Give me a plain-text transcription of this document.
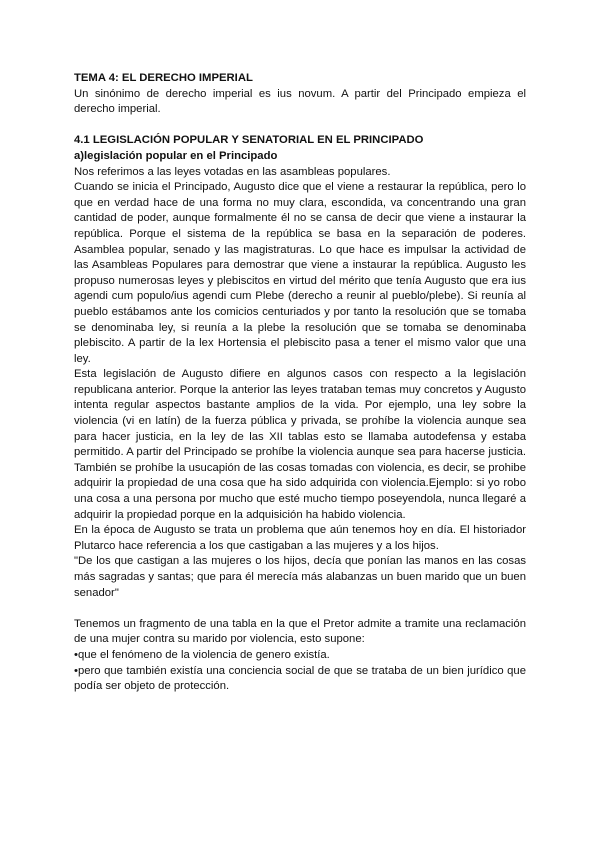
TEMA 4: EL DERECHO IMPERIAL

Un sinónimo de derecho imperial es ius novum. A partir del Principado empieza el derecho imperial.

4.1 LEGISLACIÓN POPULAR Y SENATORIAL EN EL PRINCIPADO
a)legislación popular en el Principado

Nos referimos a las leyes votadas en las asambleas populares.

Cuando se inicia el Principado, Augusto dice que el viene a restaurar la república, pero lo que en verdad hace de una forma no muy clara, escondida, va concentrando una gran cantidad de poder, aunque formalmente él no se cansa de decir que viene a instaurar la república. Porque el sistema de la república se basa en la separación de poderes. Asamblea popular, senado y las magistraturas. Lo que hace es impulsar la actividad de las Asambleas Populares para demostrar que viene a instaurar la república. Augusto les propuso numerosas leyes y plebiscitos en virtud del mérito que tenía Augusto que era ius agendi cum populo/ius agendi cum Plebe (derecho a reunir al pueblo/plebe). Si reunía al pueblo estábamos ante los comicios centuriados y por tanto la resolución que se tomaba se denominaba ley, si reunía a la plebe la resolución que se tomaba se denominaba plebiscito. A partir de la lex Hortensia el plebiscito pasa a tener el mismo valor que una ley.

Esta legislación de Augusto difiere en algunos casos con respecto a la legislación republicana anterior. Porque la anterior las leyes trataban temas muy concretos y Augusto intenta regular aspectos bastante amplios de la vida. Por ejemplo, una ley sobre la violencia (vi en latín) de la fuerza pública y privada, se prohíbe la violencia aunque sea para hacer justicia, en la ley de las XII tablas esto se llamaba autodefensa y estaba permitido. A partir del Principado se prohíbe la violencia aunque sea para hacerse justicia. También se prohíbe la usucapión de las cosas tomadas con violencia, es decir, se prohibe adquirir la propiedad de una cosa que ha sido adquirida con violencia.Ejemplo: si yo robo una cosa a una persona por mucho que esté mucho tiempo poseyendola, nunca llegaré a adquirir la propiedad porque en la adquisición ha habido violencia.

En la época de Augusto se trata un problema que aún tenemos hoy en día. El historiador Plutarco hace referencia a los que castigaban a las mujeres y a los hijos.

"De los que castigan a las mujeres o los hijos, decía que ponían las manos en las cosas más sagradas y santas; que para él merecía más alabanzas un buen marido que un buen senador"

Tenemos un fragmento de una tabla en la que el Pretor admite a tramite una reclamación de una mujer contra su marido por violencia, esto supone:

• que el fenómeno de la violencia de genero existía.

• pero que también existía una conciencia social de que se trataba de un bien jurídico que podía ser objeto de protección.
